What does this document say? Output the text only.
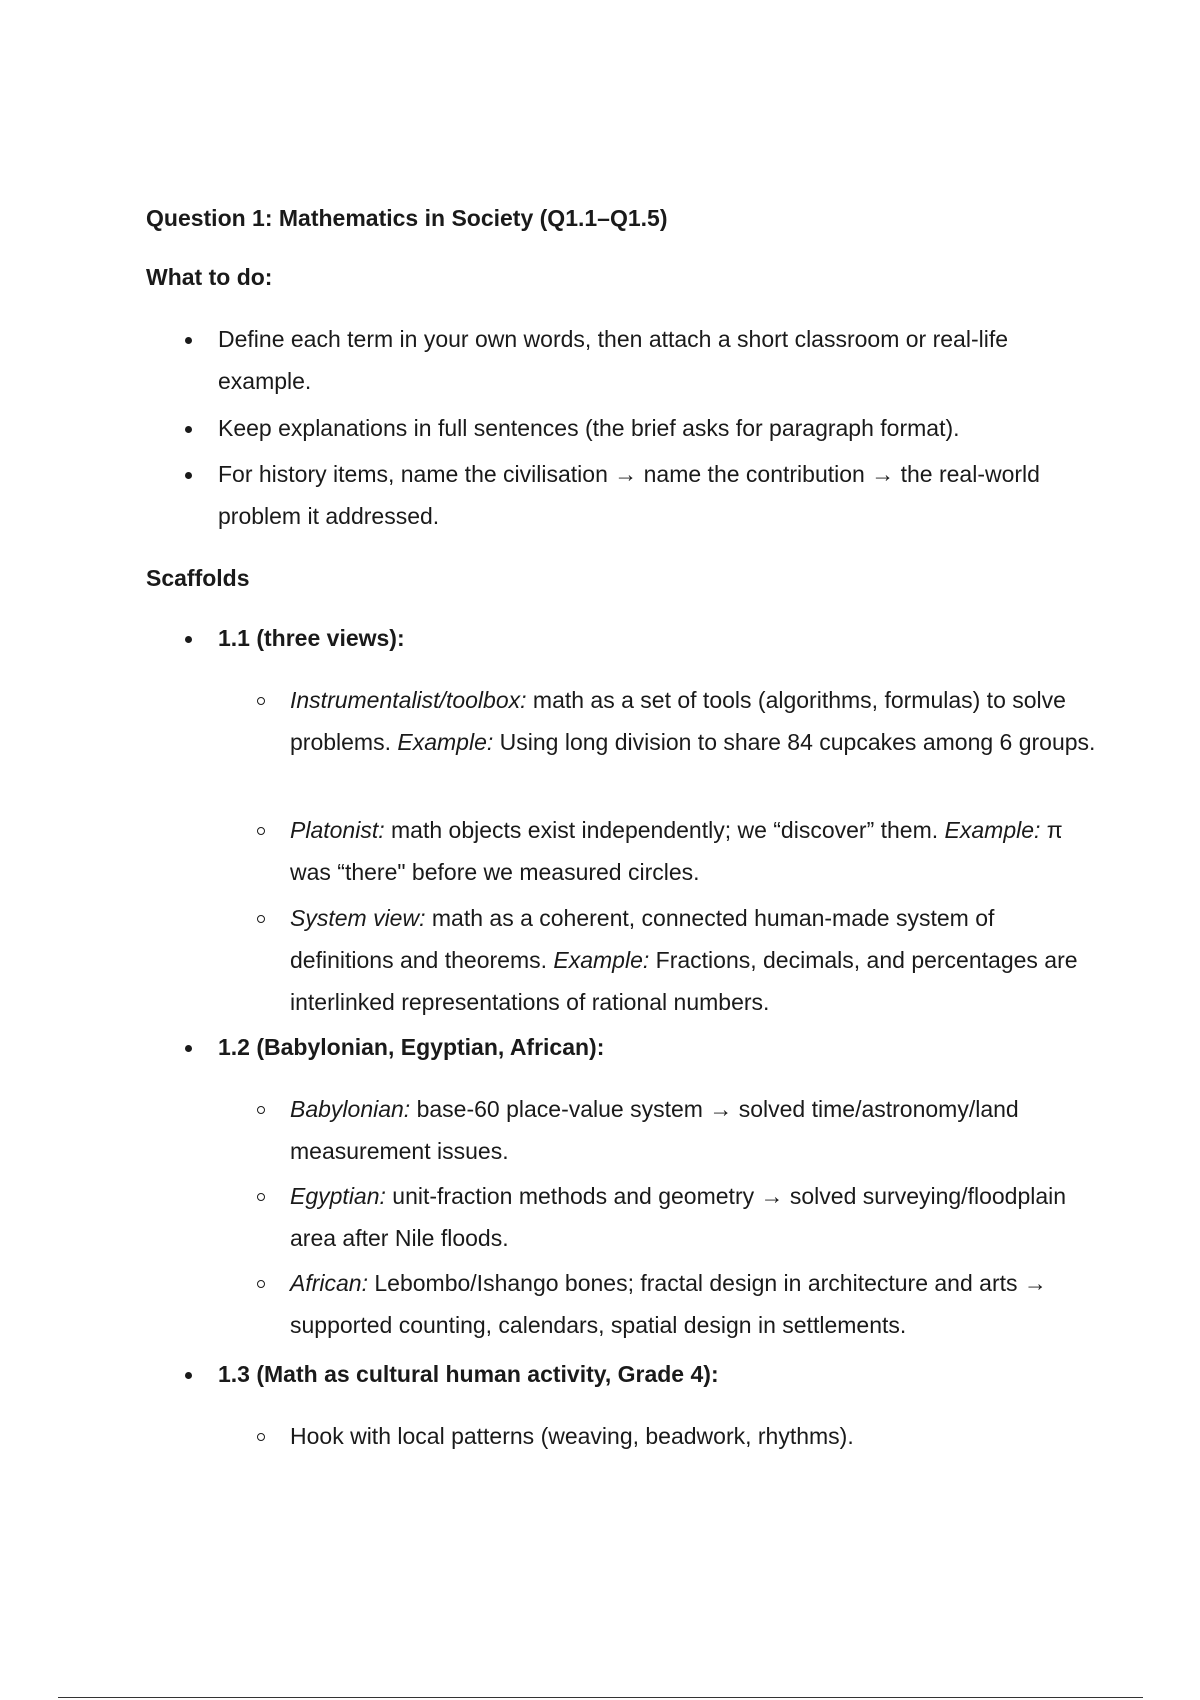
Question 1: Mathematics in Society (Q1.1–Q1.5)
What to do:

Define each term in your own words, then attach a short classroom or real-life example.

Keep explanations in full sentences (the brief asks for paragraph format).

For history items, name the civilisation → name the contribution → the real-world problem it addressed.

Scaffolds

1.1 (three views):

Instrumentalist/toolbox: math as a set of tools (algorithms, formulas) to solve problems. Example: Using long division to share 84 cupcakes among 6 groups.

Platonist: math objects exist independently; we “discover” them. Example: π was “there" before we measured circles.

System view: math as a coherent, connected human-made system of definitions and theorems. Example: Fractions, decimals, and percentages are interlinked representations of rational numbers.

1.2 (Babylonian, Egyptian, African):

Babylonian: base-60 place-value system → solved time/astronomy/land measurement issues.

Egyptian: unit-fraction methods and geometry → solved surveying/floodplain area after Nile floods.

African: Lebombo/Ishango bones; fractal design in architecture and arts → supported counting, calendars, spatial design in settlements.

1.3 (Math as cultural human activity, Grade 4):

Hook with local patterns (weaving, beadwork, rhythms).
